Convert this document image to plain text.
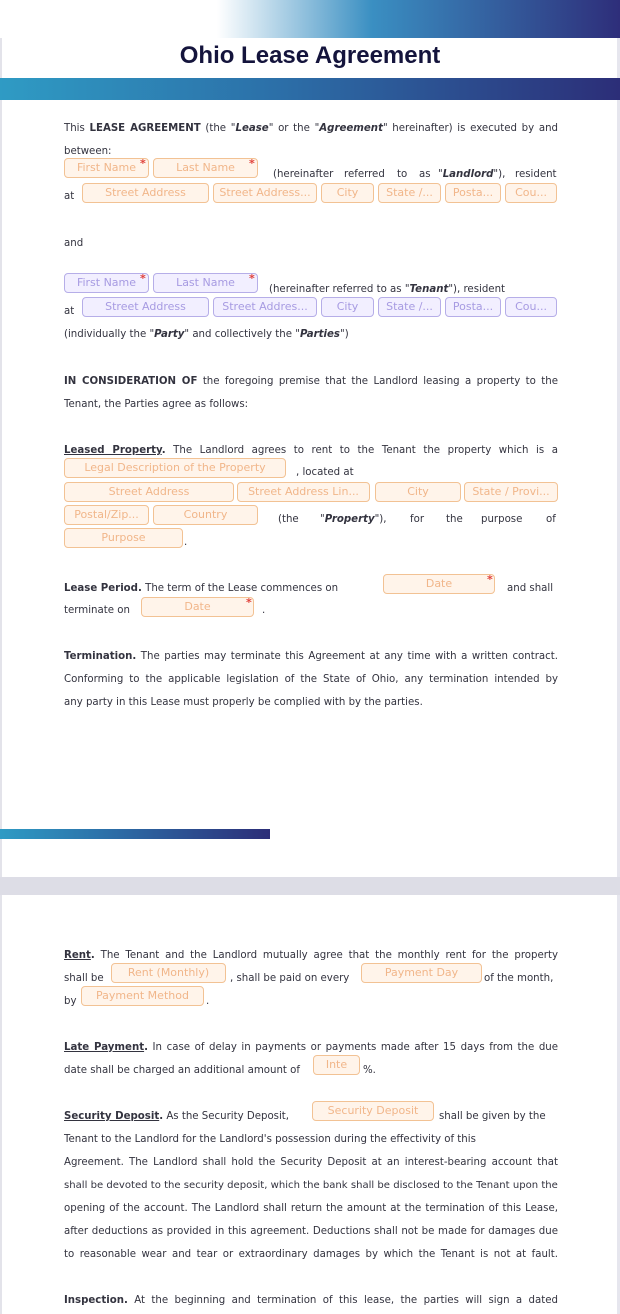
Ohio Lease Agreement
This LEASE AGREEMENT (the "Lease" or the "Agreement" hereinafter) is executed by and
between:
First Name *	Last Name	*
(hereinafter referred to as "Landlord"), resident
at	Street Address	Street Address...	City	State /...	Posta...	Cou...
and
First Name *	Last Name	*
(hereinafter referred to as "Tenant"), resident
at	Street Address	Street Addres...	City	State /...	Posta...	Cou...
(individually the "Party" and collectively the "Parties")
IN CONSIDERATION OF the foregoing premise that the Landlord leasing a property to the
Tenant, the Parties agree as follows:
Leased Property. The Landlord agrees to rent to the Tenant the property which is a
Legal Description of the Property	, located at
Street Address	Street Address Lin...	City	State / Provi...
Postal/Zip...	Country	(the "Property"), for the purpose of
Purpose	.
Lease Period. The term of the Lease commences on	Date	*
and shall
terminate on	Date	*
.
Termination. The parties may terminate this Agreement at any time with a written contract.
Conforming to the applicable legislation of the State of Ohio, any termination intended by
any party in this Lease must properly be complied with by the parties.
Rent. The Tenant and the Landlord mutually agree that the monthly rent for the property
shall be	Rent (Monthly)	, shall be paid on every	Payment Day	of the month,
by	Payment Method	.
Late Payment. In case of delay in payments or payments made after 15 days from the due
date shall be charged an additional amount of	Inte	%.
Security Deposit. As the Security Deposit,	Security Deposit	shall be given by the
Tenant to the Landlord for the Landlord's possession during the effectivity of this
Agreement. The Landlord shall hold the Security Deposit at an interest-bearing account that
shall be devoted to the security deposit, which the bank shall be disclosed to the Tenant upon the
opening of the account. The Landlord shall return the amount at the termination of this Lease,
after deductions as provided in this agreement. Deductions shall not be made for damages due
to reasonable wear and tear or extraordinary damages by which the Tenant is not at fault.
Inspection. At the beginning and termination of this lease, the parties will sign a dated
